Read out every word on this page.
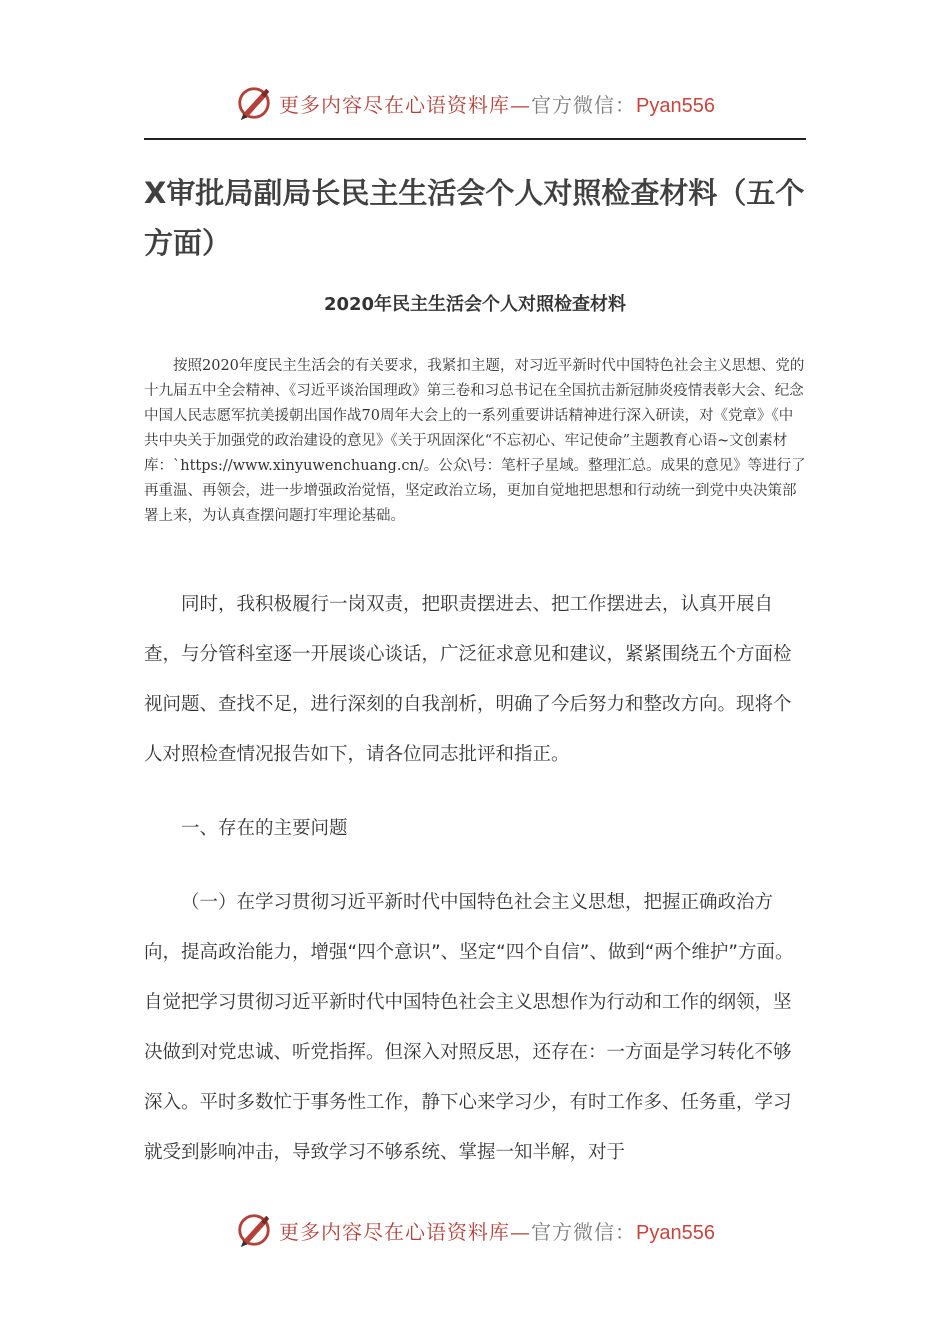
更多内容尽在心语资料库—官方微信：Pyan556
X审批局副局长民主生活会个人对照检查材料（五个方面）

2020年民主生活会个人对照检查材料

按照2020年度民主生活会的有关要求，我紧扣主题，对习近平新时代中国特色社会主义思想、党的十九届五中全会精神、《习近平谈治国理政》第三卷和习总书记在全国抗击新冠肺炎疫情表彰大会、纪念中国人民志愿军抗美援朝出国作战70周年大会上的一系列重要讲话精神进行深入研读，对《党章》《中共中央关于加强党的政治建设的意见》《关于巩固深化“不忘初心、牢记使命”主题教育心语~文创素材库：`https://www.xinyuwenchuang.cn/。公众\号：笔杆子星域。整理汇总。成果的意见》等进行了再重温、再领会，进一步增强政治觉悟，坚定政治立场，更加自觉地把思想和行动统一到党中央决策部署上来，为认真查摆问题打牢理论基础。

同时，我积极履行一岗双责，把职责摆进去、把工作摆进去，认真开展自查，与分管科室逐一开展谈心谈话，广泛征求意见和建议，紧紧围绕五个方面检视问题、查找不足，进行深刻的自我剖析，明确了今后努力和整改方向。现将个人对照检查情况报告如下，请各位同志批评和指正。

一、存在的主要问题

（一）在学习贯彻习近平新时代中国特色社会主义思想，把握正确政治方向，提高政治能力，增强“四个意识”、坚定“四个自信”、做到“两个维护”方面。自觉把学习贯彻习近平新时代中国特色社会主义思想作为行动和工作的纲领，坚决做到对党忠诚、听党指挥。但深入对照反思，还存在：一方面是学习转化不够深入。平时多数忙于事务性工作，静下心来学习少，有时工作多、任务重，学习就受到影响冲击，导致学习不够系统、掌握一知半解，对于

更多内容尽在心语资料库—官方微信：Pyan556
